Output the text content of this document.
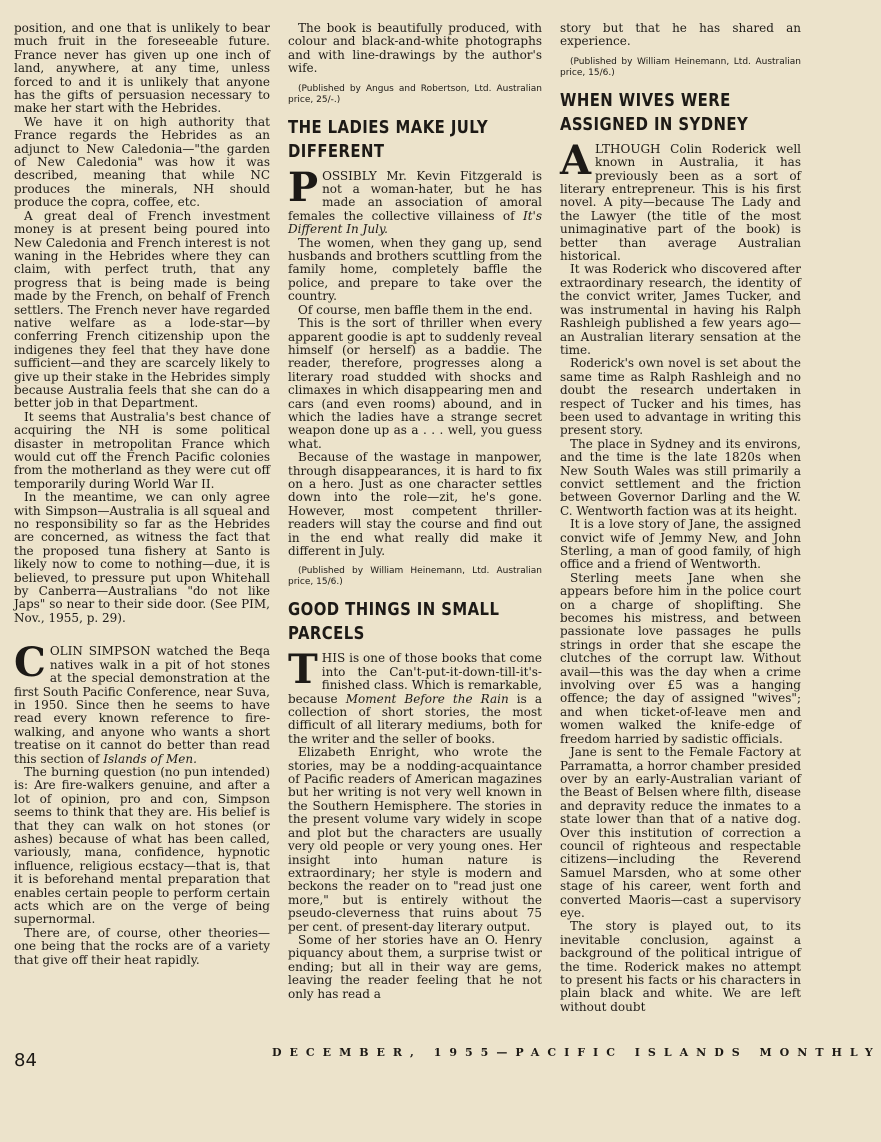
position, and one that is unlikely to bear much fruit in the foreseeable future. France never has given up one inch of land, anywhere, at any time, unless forced to and it is unlikely that anyone has the gifts of persuasion necessary to make her start with the Hebrides.

We have it on high authority that France regards the Hebrides as an adjunct to New Caledonia—"the garden of New Caledonia" was how it was described, meaning that while NC produces the minerals, NH should produce the copra, coffee, etc.

A great deal of French investment money is at present being poured into New Caledonia and French interest is not waning in the Hebrides where they can claim, with perfect truth, that any progress that is being made is being made by the French, on behalf of French settlers. The French never have regarded native welfare as a lode-star—by conferring French citizenship upon the indigenes they feel that they have done sufficient—and they are scarcely likely to give up their stake in the Hebrides simply because Australia feels that she can do a better job in that Department.

It seems that Australia's best chance of acquiring the NH is some political disaster in metropolitan France which would cut off the French Pacific colonies from the motherland as they were cut off temporarily during World War II.

In the meantime, we can only agree with Simpson—Australia is all squeal and no responsibility so far as the Hebrides are concerned, as witness the fact that the proposed tuna fishery at Santo is likely now to come to nothing—due, it is believed, to pressure put upon Whitehall by Canberra—Australians "do not like Japs" so near to their side door. (See PIM, Nov., 1955, p. 29).

COLIN SIMPSON watched the Beqa natives walk in a pit of hot stones at the special demonstration at the first South Pacific Conference, near Suva, in 1950. Since then he seems to have read every known reference to fire-walking, and anyone who wants a short treatise on it cannot do better than read this section of Islands of Men.

The burning question (no pun intended) is: Are fire-walkers genuine, and after a lot of opinion, pro and con, Simpson seems to think that they are. His belief is that they can walk on hot stones (or ashes) because of what has been called, variously, mana, confidence, hypnotic influence, religious ecstacy—that is, that it is beforehand mental preparation that enables certain people to perform certain acts which are on the verge of being supernormal.

There are, of course, other theories—one being that the rocks are of a variety that give off their heat rapidly.

The book is beautifully produced, with colour and black-and-white photographs and with line-drawings by the author's wife.

(Published by Angus and Robertson, Ltd. Australian price, 25/-.)

THE LADIES MAKE JULY DIFFERENT

POSSIBLY Mr. Kevin Fitzgerald is not a woman-hater, but he has made an association of amoral females the collective villainess of It's Different In July.

The women, when they gang up, send husbands and brothers scuttling from the family home, completely baffle the police, and prepare to take over the country.

Of course, men baffle them in the end.

This is the sort of thriller when every apparent goodie is apt to suddenly reveal himself (or herself) as a baddie. The reader, therefore, progresses along a literary road studded with shocks and climaxes in which disappearing men and cars (and even rooms) abound, and in which the ladies have a strange secret weapon done up as a . . . well, you guess what.

Because of the wastage in manpower, through disappearances, it is hard to fix on a hero. Just as one character settles down into the role—zit, he's gone. However, most competent thriller-readers will stay the course and find out in the end what really did make it different in July.

(Published by William Heinemann, Ltd. Australian price, 15/6.)

GOOD THINGS IN SMALL PARCELS

THIS is one of those books that come into the Can't-put-it-down-till-it's-finished class. Which is remarkable, because Moment Before the Rain is a collection of short stories, the most difficult of all literary mediums, both for the writer and the seller of books.

Elizabeth Enright, who wrote the stories, may be a nodding-acquaintance of Pacific readers of American magazines but her writing is not very well known in the Southern Hemisphere. The stories in the present volume vary widely in scope and plot but the characters are usually very old people or very young ones. Her insight into human nature is extraordinary; her style is modern and beckons the reader on to "read just one more," but is entirely without the pseudo-cleverness that ruins about 75 per cent. of present-day literary output.

Some of her stories have an O. Henry piquancy about them, a surprise twist or ending; but all in their way are gems, leaving the reader feeling that he not only has read a

story but that he has shared an experience.

(Published by William Heinemann, Ltd. Australian price, 15/6.)

WHEN WIVES WERE ASSIGNED IN SYDNEY

ALTHOUGH Colin Roderick well known in Australia, it has previously been as a sort of literary entrepreneur. This is his first novel. A pity—because The Lady and the Lawyer (the title of the most unimaginative part of the book) is better than average Australian historical.

It was Roderick who discovered after extraordinary research, the identity of the convict writer, James Tucker, and was instrumental in having his Ralph Rashleigh published a few years ago—an Australian literary sensation at the time.

Roderick's own novel is set about the same time as Ralph Rashleigh and no doubt the research undertaken in respect of Tucker and his times, has been used to advantage in writing this present story.

The place in Sydney and its environs, and the time is the late 1820s when New South Wales was still primarily a convict settlement and the friction between Governor Darling and the W. C. Wentworth faction was at its height.

It is a love story of Jane, the assigned convict wife of Jemmy New, and John Sterling, a man of good family, of high office and a friend of Wentworth.

Sterling meets Jane when she appears before him in the police court on a charge of shoplifting. She becomes his mistress, and between passionate love passages he pulls strings in order that she escape the clutches of the corrupt law. Without avail—this was the day when a crime involving over £5 was a hanging offence; the day of assigned "wives"; and when ticket-of-leave men and women walked the knife-edge of freedom harried by sadistic officials.

Jane is sent to the Female Factory at Parramatta, a horror chamber presided over by an early-Australian variant of the Beast of Belsen where filth, disease and depravity reduce the inmates to a state lower than that of a native dog. Over this institution of correction a council of righteous and respectable citizens—including the Reverend Samuel Marsden, who at some other stage of his career, went forth and converted Maoris—cast a supervisory eye.

The story is played out, to its inevitable conclusion, against a background of the political intrigue of the time. Roderick makes no attempt to present his facts or his characters in plain black and white. We are left without doubt

84	DECEMBER, 1955—PACIFIC ISLANDS MONTHLY
